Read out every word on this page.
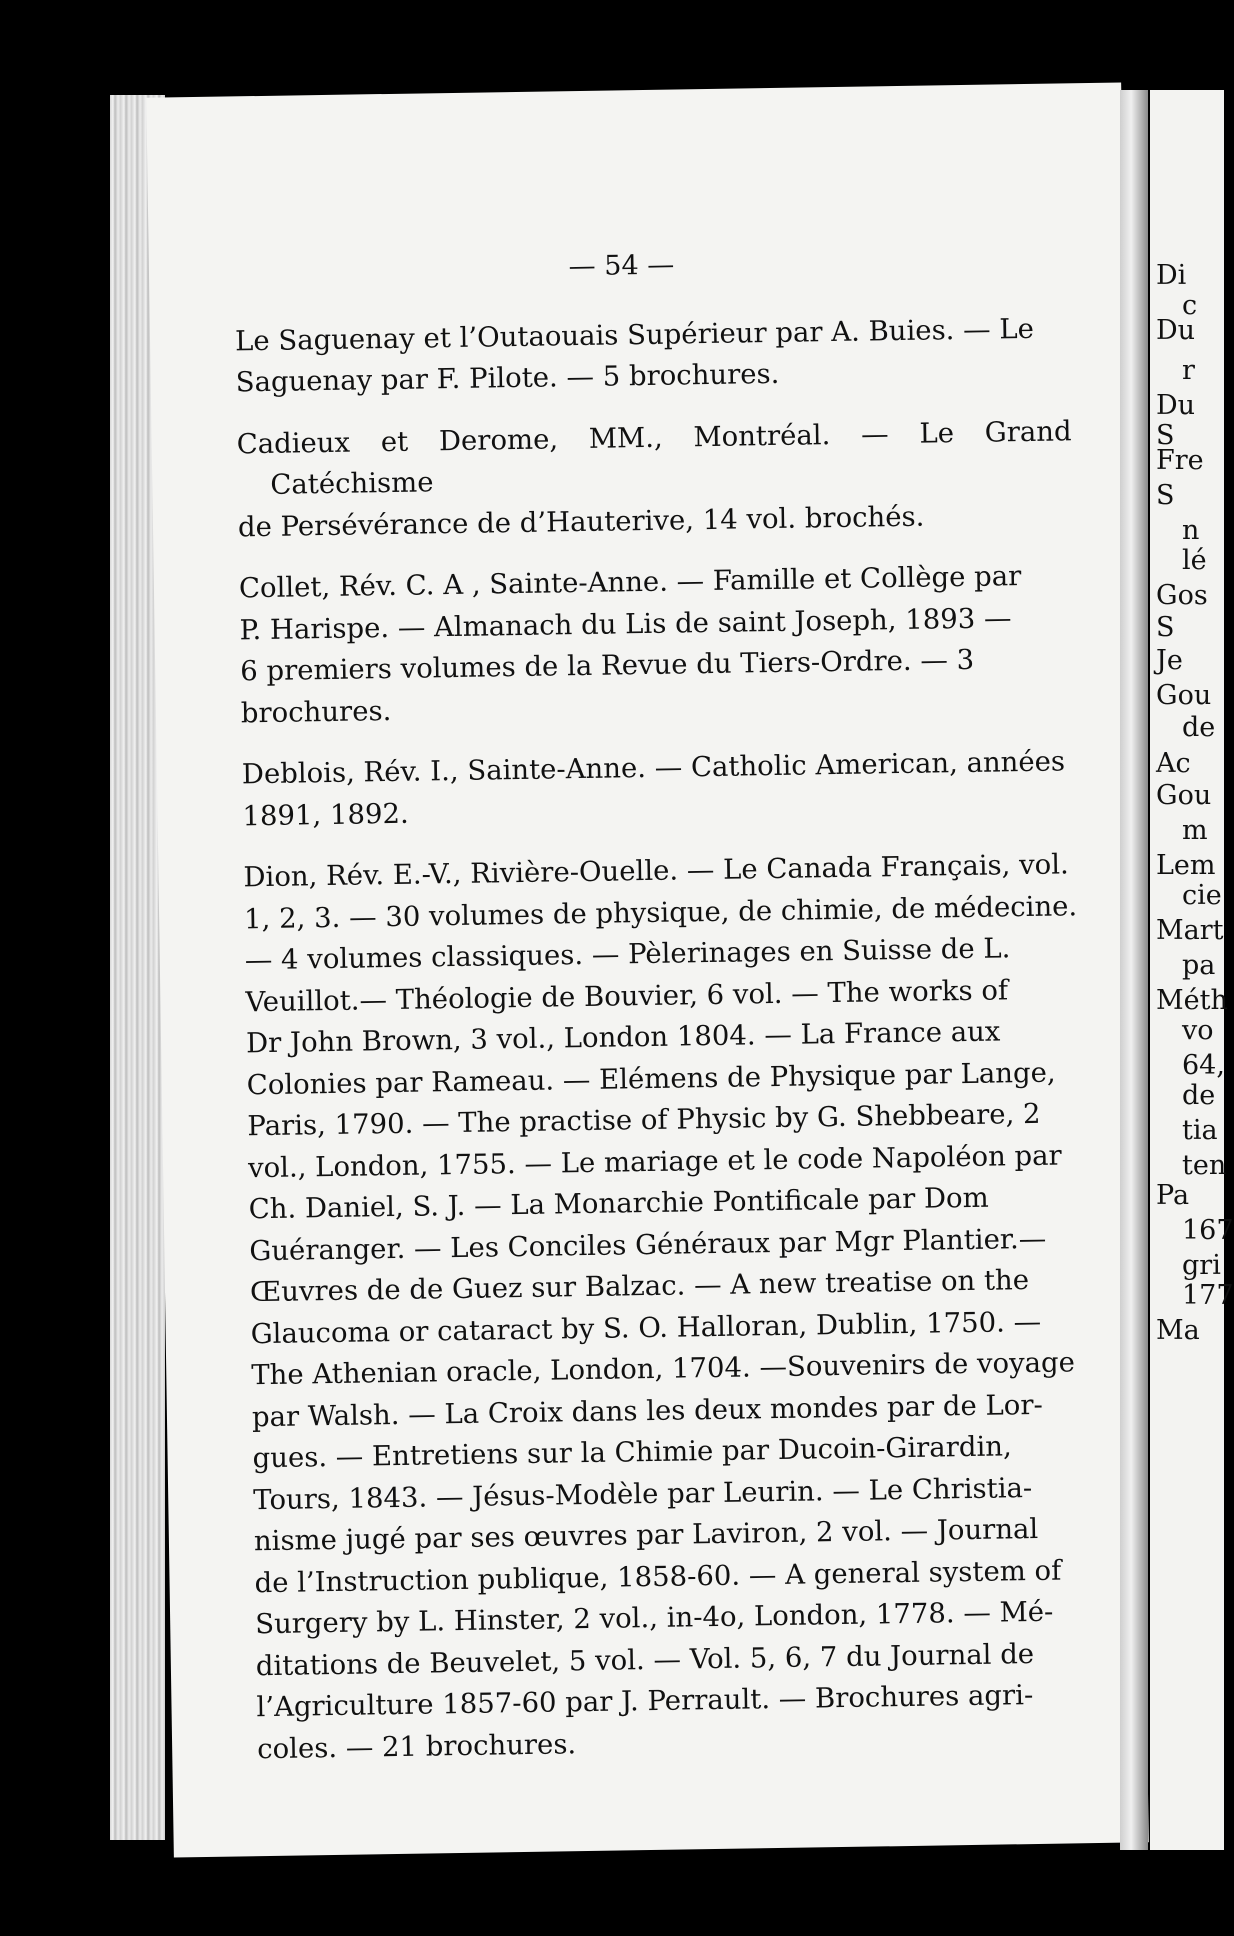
— 54 —
Le Saguenay et l’Outaouais Supérieur par A. Buies. — Le
Saguenay par F. Pilote. — 5 brochures.
Cadieux et Derome, MM., Montréal. — Le Grand Catéchisme
de Persévérance de d’Hauterive, 14 vol. brochés.
Collet, Rév. C. A , Sainte-Anne. — Famille et Collège par
P. Harispe. — Almanach du Lis de saint Joseph, 1893 —
6 premiers volumes de la Revue du Tiers-Ordre. — 3
brochures.
Deblois, Rév. I., Sainte-Anne. — Catholic American, années
1891, 1892.
Dion, Rév. E.-V., Rivière-Ouelle. — Le Canada Français, vol.
1, 2, 3. — 30 volumes de physique, de chimie, de médecine.
— 4 volumes classiques. — Pèlerinages en Suisse de L.
Veuillot.— Théologie de Bouvier, 6 vol. — The works of
Dr John Brown, 3 vol., London 1804. — La France aux
Colonies par Rameau. — Elémens de Physique par Lange,
Paris, 1790. — The practise of Physic by G. Shebbeare, 2
vol., London, 1755. — Le mariage et le code Napoléon par
Ch. Daniel, S. J. — La Monarchie Pontificale par Dom
Guéranger. — Les Conciles Généraux par Mgr Plantier.—
Œuvres de de Guez sur Balzac. — A new treatise on the
Glaucoma or cataract by S. O. Halloran, Dublin, 1750. —
The Athenian oracle, London, 1704. —Souvenirs de voyage
par Walsh. — La Croix dans les deux mondes par de Lor-
gues. — Entretiens sur la Chimie par Ducoin-Girardin,
Tours, 1843. — Jésus-Modèle par Leurin. — Le Christia-
nisme jugé par ses œuvres par Laviron, 2 vol. — Journal
de l’Instruction publique, 1858-60. — A general system of
Surgery by L. Hinster, 2 vol., in-4o, London, 1778. — Mé-
ditations de Beuvelet, 5 vol. — Vol. 5, 6, 7 du Journal de
l’Agriculture 1857-60 par J. Perrault. — Brochures agri-
coles. — 21 brochures.
Di
c
Du
r
Du
S
Fre
S
n
lé
Gos
S
Je
Gou
de
Ac
Gou
m
Lem
cie
Mart
pa
Méth
vo
64,
de
tia
ten
Pa
167
gri
177
Ma
